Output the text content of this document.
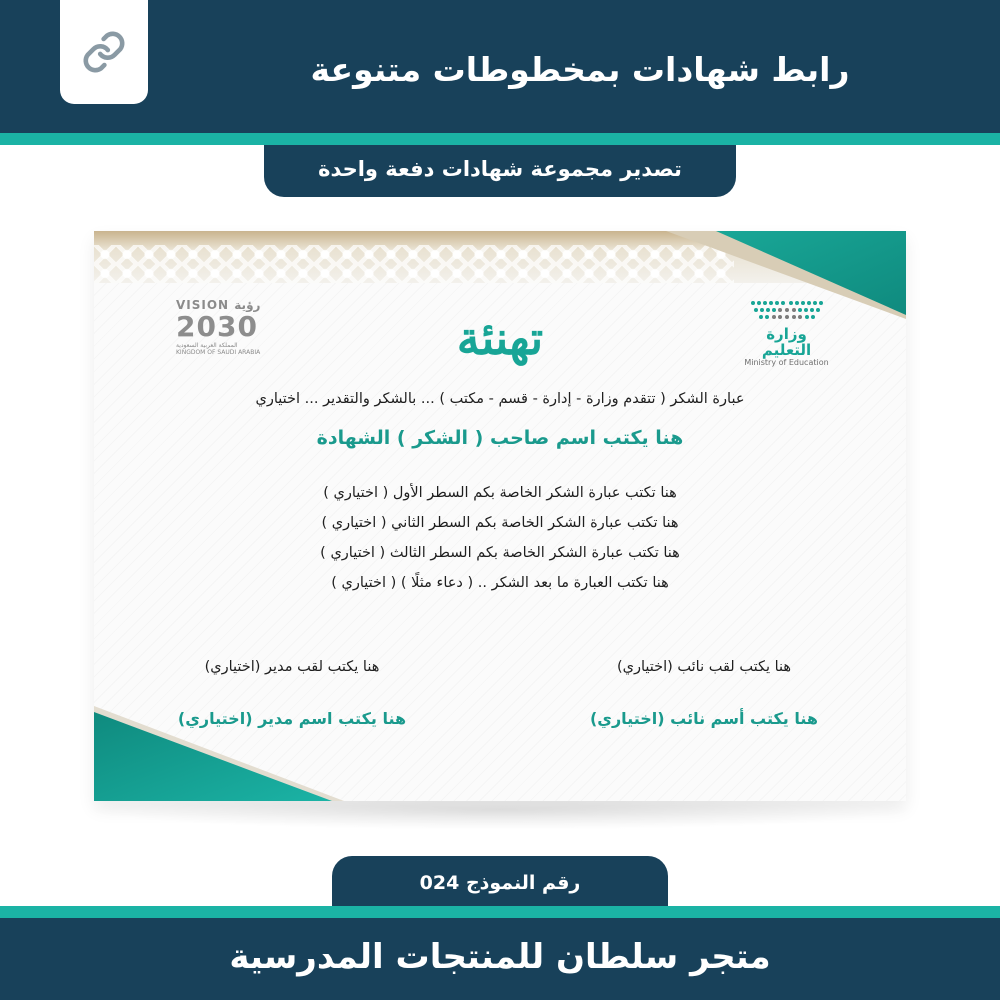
رابط شهادات بمخطوطات متنوعة
تصدير مجموعة شهادات دفعة واحدة
وزارة التعليم
Ministry of Education
VISION رؤية
2030
المملكة العربية السعودية
KINGDOM OF SAUDI ARABIA	تهنئة
عبارة الشكر ( تتقدم وزارة - إدارة - قسم - مكتب ) ... بالشكر والتقدير ... اختياري
هنا يكتب اسم صاحب ( الشكر ) الشهادة
هنا تكتب عبارة الشكر الخاصة بكم السطر الأول ( اختياري )
هنا تكتب عبارة الشكر الخاصة بكم السطر الثاني ( اختياري )
هنا تكتب عبارة الشكر الخاصة بكم السطر الثالث ( اختياري )
هنا تكتب العبارة ما بعد الشكر .. ( دعاء مثلًا ) ( اختياري )
هنا يكتب لقب نائب (اختياري)
هنا يكتب أسم نائب (اختياري)
هنا يكتب لقب مدير (اختياري)
هنا يكتب اسم مدير (اختياري)
رقم النموذج 024
متجر سلطان للمنتجات المدرسية
